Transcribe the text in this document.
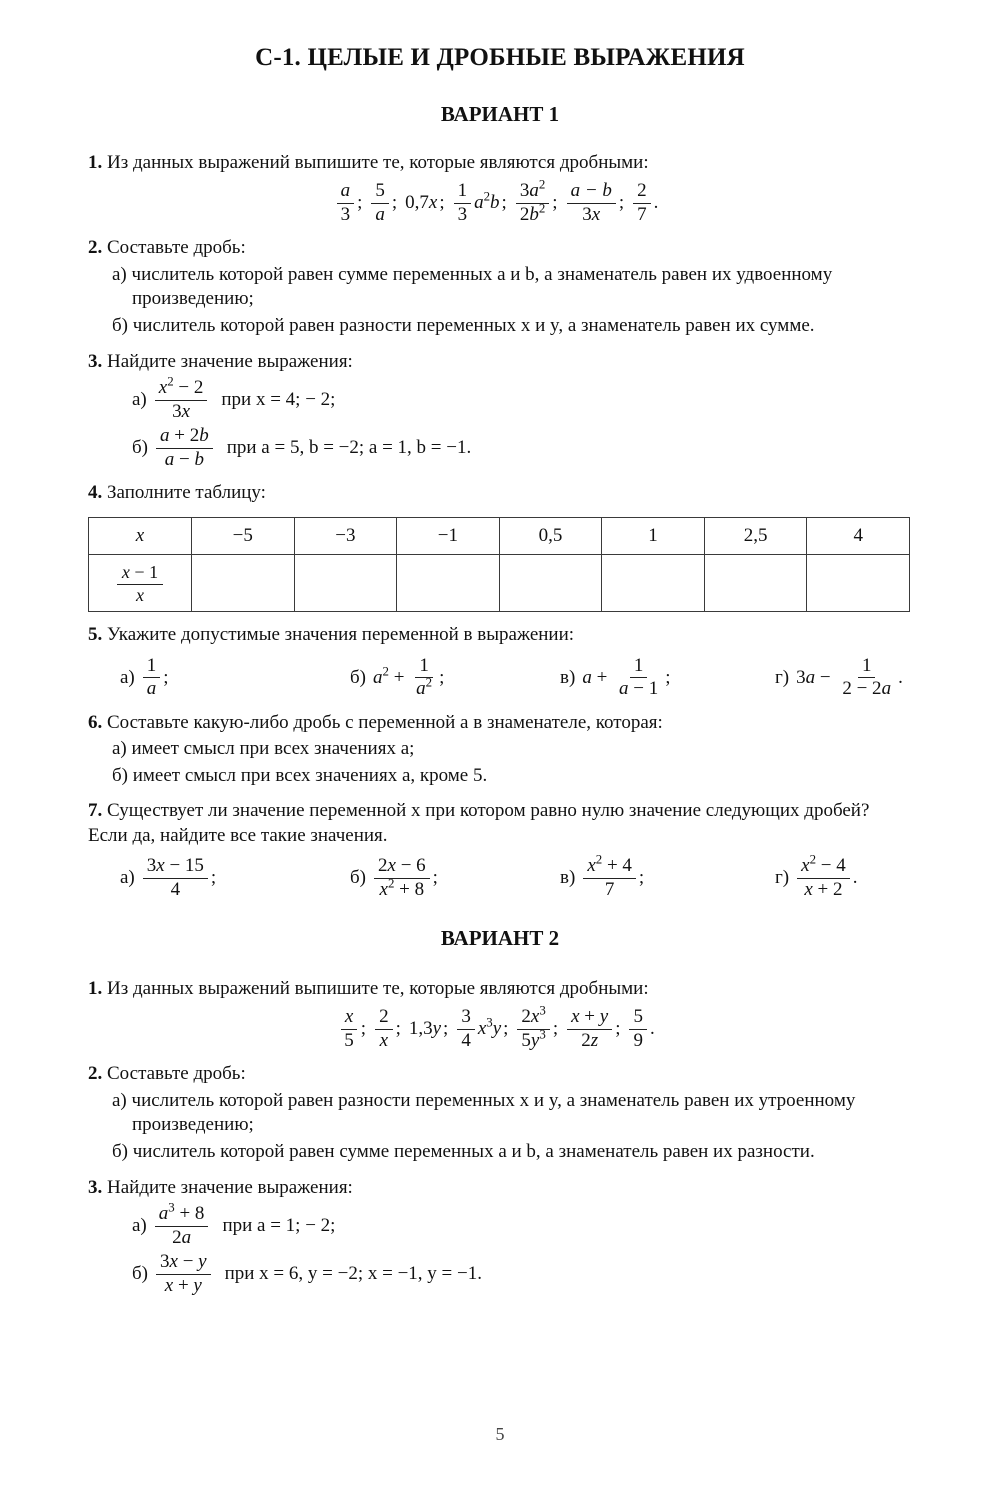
C-1. ЦЕЛЫЕ И ДРОБНЫЕ ВЫРАЖЕНИЯ
ВАРИАНТ 1
1. Из данных выражений выпишите те, которые являются дробными:
$\frac{a}{3}$ ; $\frac{5}{a}$ ; 0,7x ; $\frac{1}{3} a^2b$ ; $\frac{3a^2}{2b^2}$ ; $\frac{a - b}{3x}$ ; $\frac{2}{7}$ .
2. Составьте дробь:
а) числитель которой равен сумме переменных a и b, а знаменатель равен их удвоенному произведению;
б) числитель которой равен разности переменных x и y, а знаменатель равен их сумме.
3. Найдите значение выражения:
$а) \frac{x^2 - 2}{3x}$ при x = 4; − 2;
$б) \frac{a + 2b}{a - b}$ при a = 5, b = −2; a = 1, b = −1.
4. Заполните таблицу:
x	−5	−3	−1	0,5	1	2,5	4

$\frac{x - 1}{x}$

5. Укажите допустимые значения переменной в выражении:
$а) \frac{1}{a}$ ;	б) $a^2 + \frac{1}{a^2}$ ;	в) $a + \frac{1}{a - 1}$ ;	г) $3a - \frac{1}{2 - 2a}$ .
6. Составьте какую-либо дробь с переменной a в знаменателе, которая:
а) имеет смысл при всех значениях a;
б) имеет смысл при всех значениях a, кроме 5.
7. Существует ли значение переменной x при котором равно нулю значение следующих дробей? Если да, найдите все такие значения.
$а) \frac{3x - 15}{4}$ ;	$б) \frac{2x - 6}{x^2 + 8}$ ;	$в) \frac{x^2 + 4}{7}$ ;	$г) \frac{x^2 - 4}{x + 2}$ .
ВАРИАНТ 2
1. Из данных выражений выпишите те, которые являются дробными:
$\frac{x}{5}$ ; $\frac{2}{x}$ ; 1,3y ; $\frac{3}{4} x^3y$ ; $\frac{2x^3}{5y^3}$ ; $\frac{x + y}{2z}$ ; $\frac{5}{9}$ .
2. Составьте дробь:
а) числитель которой равен разности переменных x и y, а знаменатель равен их утроенному произведению;
б) числитель которой равен сумме переменных a и b, а знаменатель равен их разности.
3. Найдите значение выражения:
$а) \frac{a^3 + 8}{2a}$ при a = 1; − 2;
$б) \frac{3x - y}{x + y}$ при x = 6, y = −2; x = −1, y = −1.
5
